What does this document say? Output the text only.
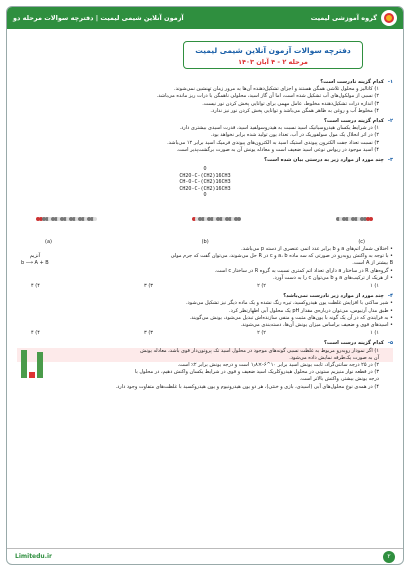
گروه آموزشی لیمیت
آزمون آنلاین شیمی لیمیت | دفترچه سوالات مرحله دو
دفترچه سوالات آزمون آنلاین شیمی لیمیت
مرحله ۲ - ۴ آبان ۱۴۰۳
۱-کدام گزینه نادرست است؟
۱) کاتالیز و محلول تلاشی همگن هستند و اجزای تشکیل‌دهنده آن‌ها به مرور زمان تهنشین نمی‌شوند.
۲) نسبی از مولکول‌های آب تشکیل شده است، اما آن گاز اسید، محلولی ناهمگن با ذرات ریز مانده می‌باشد.
۳) اندازه ذرات تشکیل‌دهنده مخلوط، عامل مهمی برای توانایی پخش کردن نور نیست.
۴) مخلوط آب و روغن به ظاهر همگن می‌باشد و توانایی پخش کردن نور نیز ندارد.
۲-کدام گزینه درست است؟
۱) در شرایط یکسان هیدروسیانیک اسید نسبت به هیدروسولفید اسید، قدرت اسیدی بیشتری دارد.
۲) در اثر انحلال یک مول سولفوریک در آب، تعداد یون تولید شده برابر نخواهد بود.
۳) نسبت تعداد جفت الکترون پیوندی استیک اسید به الکترون‌های پیوندی فرمیک اسید برابر ۱۲ می‌باشد.
۴) اسید موجود در ریواس نوعی اسید ضعیف است و معادله یونش آن به صورت برگشت‌پذیر است.
۳-چند مورد از موارد زیر به درستی بیان شده است؟
O
CH2O‑C‑(CH2)16CH3
CH‑O‑C‑(CH2)16CH3
CH2O‑C‑(CH2)16CH3
O
(a)	(b)	(c)
آنزیم
b ⟶ A + B
• اختلاف شمار اتم‌های a و b برابر عدد اتمی عنصری از دسته p می‌باشد.
• با توجه به واکنش روبه‌رو در صورتی که سه ماده a، b و c در R حل می‌شوند، می‌توان گفت که جرم مولی
B بیشتر از A است.
• گروه‌های R در ساختار a دارای تعداد اتم کمتری نسبت به گروه R در ساختار c است.
• از هریک از ترکیب‌های a و b می‌توان c را به دست آورد.
۱) ۱
۲) ۲
۳) ۳
۴) ۴
۴-چند مورد از موارد زیر نادرست نمی‌باشد؟
• شیر ساکنی با افزایش غلظت یون هیدروکسید، تیره رنگ نشده و یک ماده دیگر نیز تشکیل می‌شود.
• طبق مدل آرنیوس، می‌توان درباره‌ی مقدار pH یک محلول آبی اظهارنظر کرد.
• به فرایندی که در آن یک گونه با یون‌های مثبت و منفی سازنده‌اش تبدیل می‌شود، یونش می‌گویند.
• اسیدهای قوی و ضعیف براساس میزان یونش آن‌ها، دسته‌بندی می‌شوند.
۱) ۱
۲) ۲
۳) ۳
۴) ۴
۵-کدام گزینه درست است؟
۱) اگر نمودار روبه‌رو مربوط به غلظت نسبی گونه‌های موجود در محلول اسید تک پروتون‌دار قوی باشد، معادله یونش
آن به صورت یک‌طرفه نمایش داده می‌شود.
۲) در ۲۵ درجه سانتی‌گراد، ثابت یونش اسید برابر ۱۰^۶‑×۱٫۸ است و درجه یونش برابر ۲٪ است.
۳) در قطعه نوار منیزیم ستونی در محلول هیدروکلریک اسید ضعیف و قوی در شرایط یکسان واکنش دهیم، در محلول با
درجه یونش بیشتر، واکنش بالاتر است.
۴) در همه‌ی نوع محلول‌های آبی (اسیدی، بازی و خنثی)، هر دو یون هیدرونیوم و یون هیدروکسید با غلظت‌های متفاوت وجود دارد.
Limitedu.ir	۲
